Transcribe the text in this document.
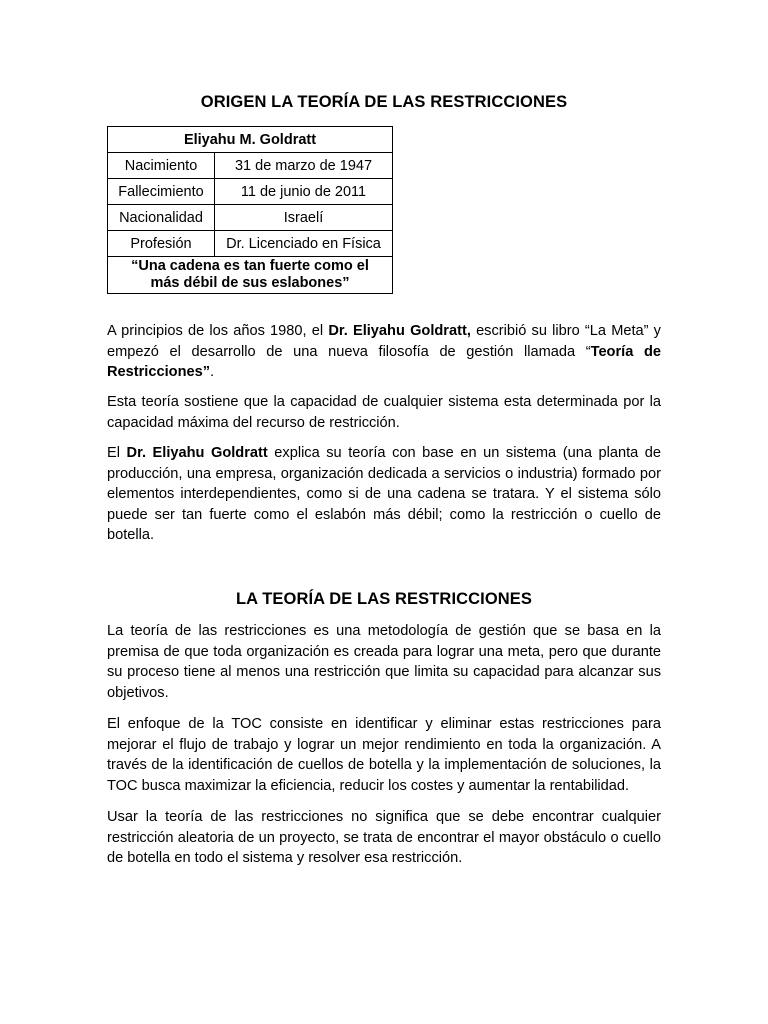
ORIGEN LA TEORÍA DE LAS RESTRICCIONES
Eliyahu M. Goldratt	
Nacimiento	31 de marzo de 1947
Fallecimiento	11 de junio de 2011
Nacionalidad	Israelí
Profesión	Dr. Licenciado en Física
“Una cadena es tan fuerte como el más débil de sus eslabones”	

A principios de los años 1980, el Dr. Eliyahu Goldratt, escribió su libro “La Meta” y empezó el desarrollo de una nueva filosofía de gestión llamada “Teoría de Restricciones”.

Esta teoría sostiene que la capacidad de cualquier sistema esta determinada por la capacidad máxima del recurso de restricción.

El Dr. Eliyahu Goldratt explica su teoría con base en un sistema (una planta de producción, una empresa, organización dedicada a servicios o industria) formado por elementos interdependientes, como si de una cadena se tratara. Y el sistema sólo puede ser tan fuerte como el eslabón más débil; como la restricción o cuello de botella.

LA TEORÍA DE LAS RESTRICCIONES

La teoría de las restricciones es una metodología de gestión que se basa en la premisa de que toda organización es creada para lograr una meta, pero que durante su proceso tiene al menos una restricción que limita su capacidad para alcanzar sus objetivos.

El enfoque de la TOC consiste en identificar y eliminar estas restricciones para mejorar el flujo de trabajo y lograr un mejor rendimiento en toda la organización. A través de la identificación de cuellos de botella y la implementación de soluciones, la TOC busca maximizar la eficiencia, reducir los costes y aumentar la rentabilidad.

Usar la teoría de las restricciones no significa que se debe encontrar cualquier restricción aleatoria de un proyecto, se trata de encontrar el mayor obstáculo o cuello de botella en todo el sistema y resolver esa restricción.
